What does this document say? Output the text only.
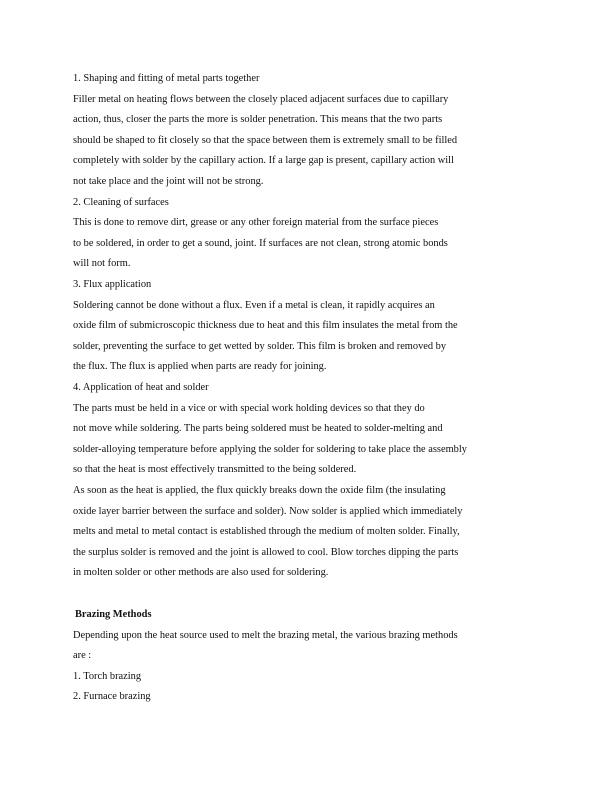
1. Shaping and fitting of metal parts together
Filler metal on heating flows between the closely placed adjacent surfaces due to capillary
action, thus, closer the parts the more is solder penetration. This means that the two parts
should be shaped to fit closely so that the space between them is extremely small to be filled
completely with solder by the capillary action. If a large gap is present, capillary action will
not take place and the joint will not be strong.
2. Cleaning of surfaces
This is done to remove dirt, grease or any other foreign material from the surface pieces
to be soldered, in order to get a sound, joint. If surfaces are not clean, strong atomic bonds
will not form.
3. Flux application
Soldering cannot be done without a flux. Even if a metal is clean, it rapidly acquires an
oxide film of submicroscopic thickness due to heat and this film insulates the metal from the
solder, preventing the surface to get wetted by solder. This film is broken and removed by
the flux. The flux is applied when parts are ready for joining.
4. Application of heat and solder
The parts must be held in a vice or with special work holding devices so that they do
not move while soldering. The parts being soldered must be heated to solder-melting and
solder-alloying temperature before applying the solder for soldering to take place the assembly
so that the heat is most effectively transmitted to the being soldered.
As soon as the heat is applied, the flux quickly breaks down the oxide film (the insulating
oxide layer barrier between the surface and solder). Now solder is applied which immediately
melts and metal to metal contact is established through the medium of molten solder. Finally,
the surplus solder is removed and the joint is allowed to cool. Blow torches dipping the parts
in molten solder or other methods are also used for soldering.
Brazing Methods
Depending upon the heat source used to melt the brazing metal, the various brazing methods
are :
1. Torch brazing
2. Furnace brazing
